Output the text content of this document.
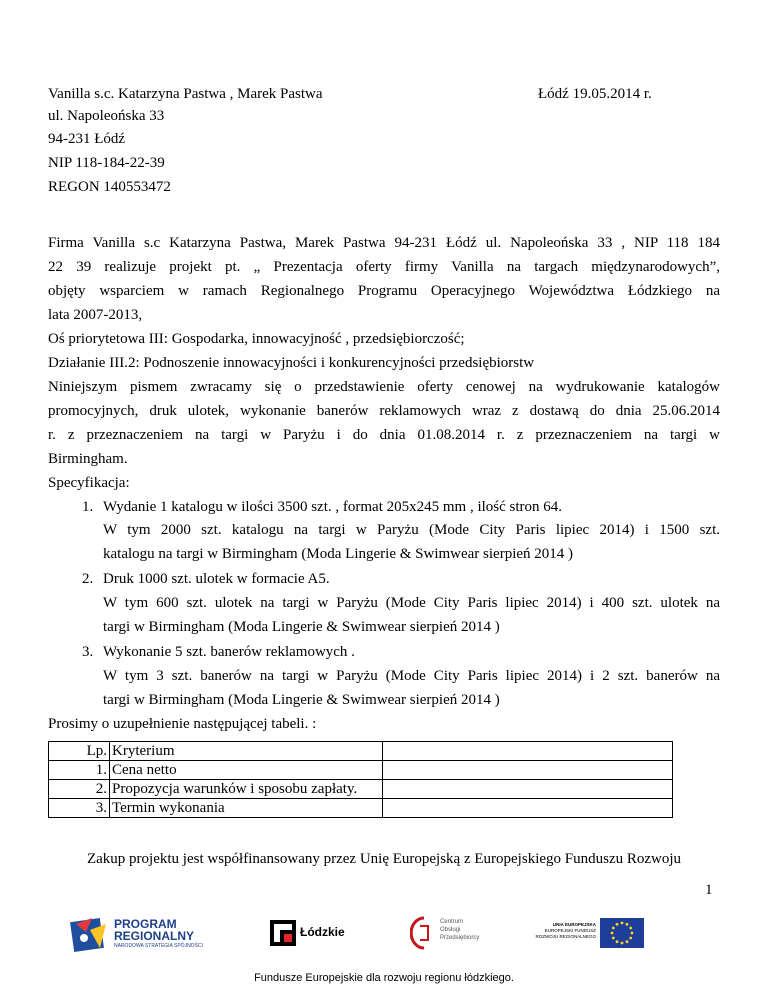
Vanilla s.c. Katarzyna Pastwa , Marek Pastwa	Łódź 19.05.2014 r.
ul. Napoleońska 33
94-231 Łódź
NIP 118-184-22-39
REGON 140553472
Firma Vanilla s.c Katarzyna Pastwa, Marek Pastwa 94-231 Łódź ul. Napoleońska 33 , NIP 118 184
22 39 realizuje projekt pt. „ Prezentacja oferty firmy Vanilla na targach międzynarodowych”,
objęty wsparciem w ramach Regionalnego Programu Operacyjnego Województwa Łódzkiego na
lata 2007-2013,
Oś priorytetowa III: Gospodarka, innowacyjność , przedsiębiorczość;
Działanie III.2: Podnoszenie innowacyjności i konkurencyjności przedsiębiorstw
Niniejszym pismem zwracamy się o przedstawienie oferty cenowej na wydrukowanie katalogów
promocyjnych, druk ulotek, wykonanie banerów reklamowych wraz z dostawą do dnia 25.06.2014
r. z przeznaczeniem na targi w Paryżu i do dnia 01.08.2014 r. z przeznaczeniem na targi w
Birmingham.
Specyfikacja:
1. Wydanie 1 katalogu w ilości 3500 szt. , format 205x245 mm , ilość stron 64.
W tym 2000 szt. katalogu na targi w Paryżu (Mode City Paris lipiec 2014) i 1500 szt.
katalogu na targi w Birmingham (Moda Lingerie & Swimwear sierpień 2014 )
2. Druk 1000 szt. ulotek w formacie A5.
W tym 600 szt. ulotek na targi w Paryżu (Mode City Paris lipiec 2014) i 400 szt. ulotek na
targi w Birmingham (Moda Lingerie & Swimwear sierpień 2014 )
3. Wykonanie 5 szt. banerów reklamowych .
W tym 3 szt. banerów na targi w Paryżu (Mode City Paris lipiec 2014) i 2 szt. banerów na
targi w Birmingham (Moda Lingerie & Swimwear sierpień 2014 )
Prosimy o uzupełnienie następującej tabeli. :
Lp.	Kryterium	
1.	Cena netto	
2.	Propozycja warunków i sposobu zapłaty.	
3.	Termin wykonania	
Zakup projektu jest współfinansowany przez Unię Europejską z Europejskiego Funduszu Rozwoju
1
PROGRAM
REGIONALNY
NARODOWA STRATEGIA SPÓJNOŚCI
Łódzkie
Centrum
Obsługi
Przedsiębiorcy
UNIA EUROPEJSKA
EUROPEJSKI FUNDUSZ
ROZWOJU REGIONALNEGO
Fundusze Europejskie dla rozwoju regionu łódzkiego.
